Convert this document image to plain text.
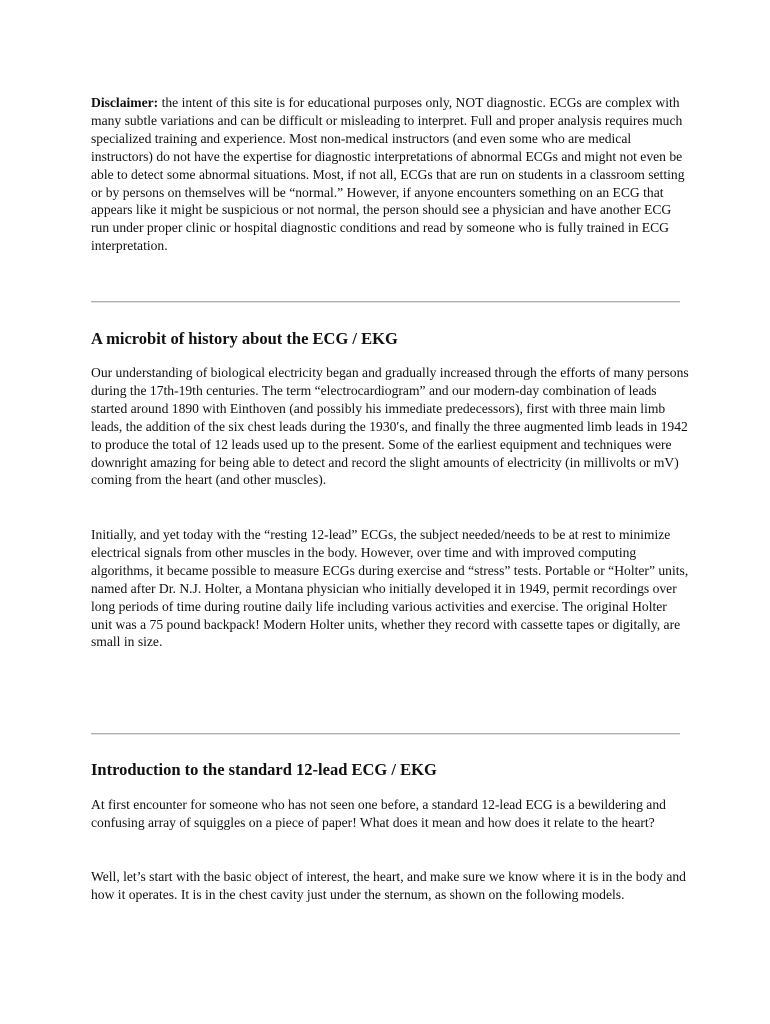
Disclaimer: the intent of this site is for educational purposes only, NOT diagnostic. ECGs are complex with many subtle variations and can be difficult or misleading to interpret. Full and proper analysis requires much specialized training and experience. Most non-medical instructors (and even some who are medical instructors) do not have the expertise for diagnostic interpretations of abnormal ECGs and might not even be able to detect some abnormal situations. Most, if not all, ECGs that are run on students in a classroom setting or by persons on themselves will be “normal.” However, if anyone encounters something on an ECG that appears like it might be suspicious or not normal, the person should see a physician and have another ECG run under proper clinic or hospital diagnostic conditions and read by someone who is fully trained in ECG interpretation.

A microbit of history about the ECG / EKG

Our understanding of biological electricity began and gradually increased through the efforts of many persons during the 17th-19th centuries. The term “electrocardiogram” and our modern-day combination of leads started around 1890 with Einthoven (and possibly his immediate predecessors), first with three main limb leads, the addition of the six chest leads during the 1930′s, and finally the three augmented limb leads in 1942 to produce the total of 12 leads used up to the present. Some of the earliest equipment and techniques were downright amazing for being able to detect and record the slight amounts of electricity (in millivolts or mV) coming from the heart (and other muscles).

Initially, and yet today with the “resting 12-lead” ECGs, the subject needed/needs to be at rest to minimize electrical signals from other muscles in the body. However, over time and with improved computing algorithms, it became possible to measure ECGs during exercise and “stress” tests. Portable or “Holter” units, named after Dr. N.J. Holter, a Montana physician who initially developed it in 1949, permit recordings over long periods of time during routine daily life including various activities and exercise. The original Holter unit was a 75 pound backpack! Modern Holter units, whether they record with cassette tapes or digitally, are small in size.

Introduction to the standard 12-lead ECG / EKG

At first encounter for someone who has not seen one before, a standard 12-lead ECG is a bewildering and confusing array of squiggles on a piece of paper! What does it mean and how does it relate to the heart?

Well, let’s start with the basic object of interest, the heart, and make sure we know where it is in the body and how it operates. It is in the chest cavity just under the sternum, as shown on the following models.
